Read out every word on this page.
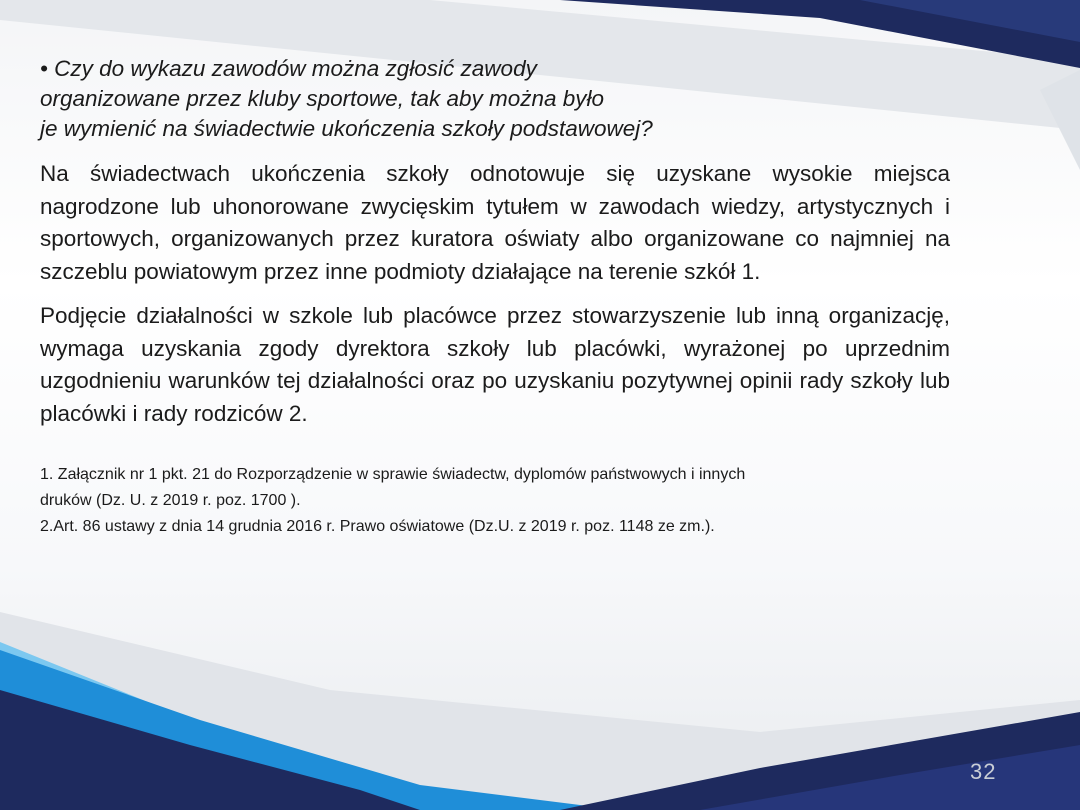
• Czy do wykazu zawodów można zgłosić zawody
organizowane przez kluby sportowe, tak aby można było
je wymienić na świadectwie ukończenia szkoły podstawowej?

Na świadectwach ukończenia szkoły odnotowuje się uzyskane wysokie miejsca nagrodzone lub uhonorowane zwycięskim tytułem w zawodach wiedzy, artystycznych i sportowych, organizowanych przez kuratora oświaty albo organizowane co najmniej na szczeblu powiatowym przez inne podmioty działające na terenie szkół 1.

Podjęcie działalności w szkole lub placówce przez stowarzyszenie lub inną organizację, wymaga uzyskania zgody dyrektora szkoły lub placówki, wyrażonej po uprzednim uzgodnieniu warunków tej działalności oraz po uzyskaniu pozytywnej opinii rady szkoły lub placówki i rady rodziców 2.

1. Załącznik nr 1 pkt. 21 do Rozporządzenie w sprawie świadectw, dyplomów państwowych i innych
druków (Dz. U. z 2019 r. poz. 1700 ).
2.Art. 86 ustawy z dnia 14 grudnia 2016 r. Prawo oświatowe (Dz.U. z 2019 r. poz. 1148 ze zm.).

32
